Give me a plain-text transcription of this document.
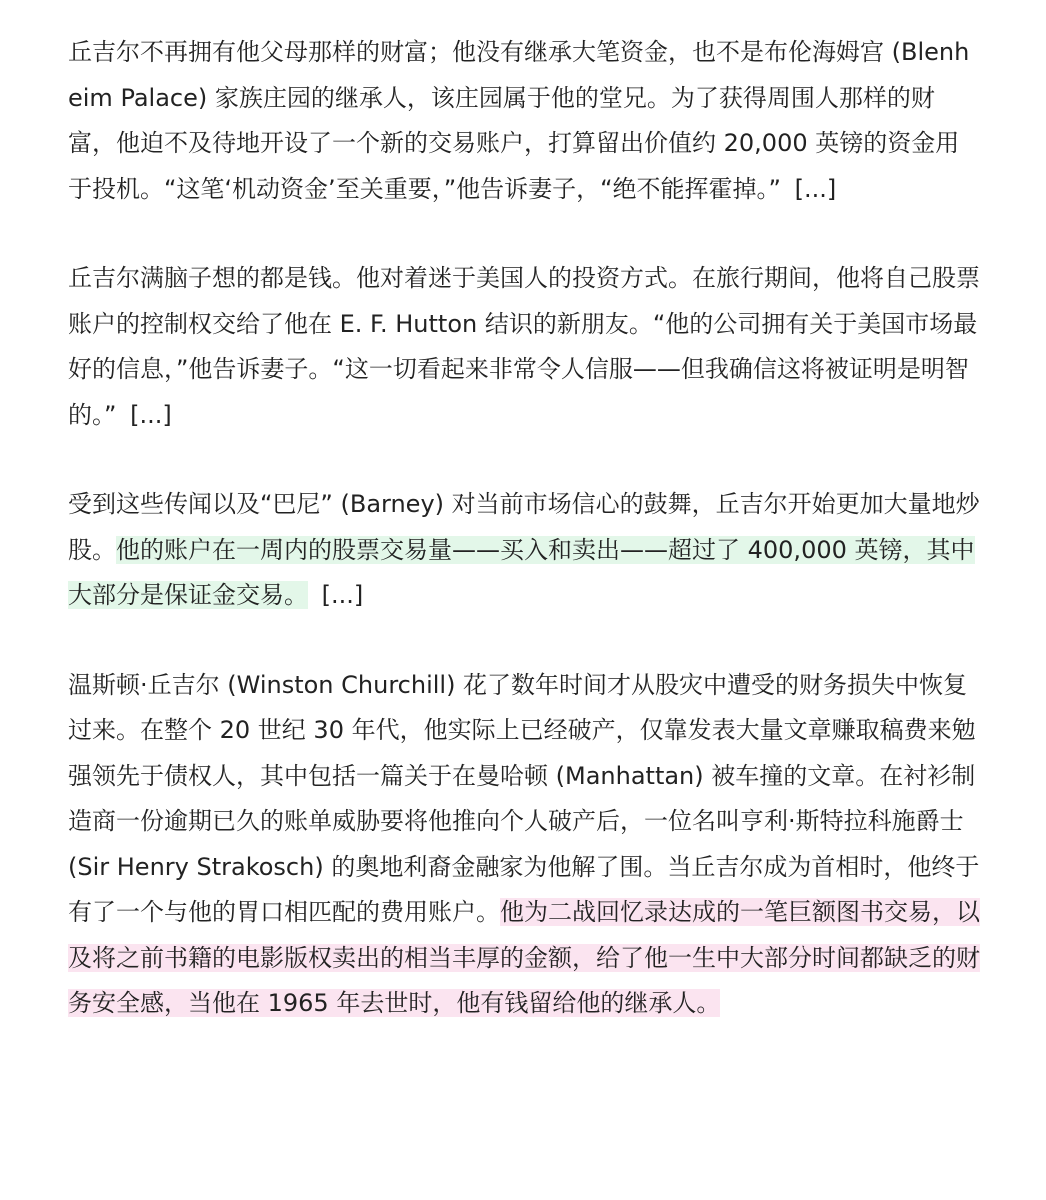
丘吉尔不再拥有他父母那样的财富；他没有继承大笔资金，也不是布伦海姆宫 (Blenheim Palace) 家族庄园的继承人，该庄园属于他的堂兄。为了获得周围人那样的财富，他迫不及待地开设了一个新的交易账户，打算留出价值约 20,000 英镑的资金用于投机。“这笔‘机动资金’至关重要，”他告诉妻子，“绝不能挥霍掉。” [...]

丘吉尔满脑子想的都是钱。他对着迷于美国人的投资方式。在旅行期间，他将自己股票账户的控制权交给了他在 E. F. Hutton 结识的新朋友。“他的公司拥有关于美国市场最好的信息，”他告诉妻子。“这一切看起来非常令人信服——但我确信这将被证明是明智的。” [...]

受到这些传闻以及“巴尼” (Barney) 对当前市场信心的鼓舞，丘吉尔开始更加大量地炒股。他的账户在一周内的股票交易量——买入和卖出——超过了 400,000 英镑，其中大部分是保证金交易。 [...]

温斯顿·丘吉尔 (Winston Churchill) 花了数年时间才从股灾中遭受的财务损失中恢复过来。在整个 20 世纪 30 年代，他实际上已经破产，仅靠发表大量文章赚取稿费来勉强领先于债权人，其中包括一篇关于在曼哈顿 (Manhattan) 被车撞的文章。在衬衫制造商一份逾期已久的账单威胁要将他推向个人破产后，一位名叫亨利·斯特拉科施爵士 (Sir Henry Strakosch) 的奥地利裔金融家为他解了围。当丘吉尔成为首相时，他终于有了一个与他的胃口相匹配的费用账户。他为二战回忆录达成的一笔巨额图书交易，以及将之前书籍的电影版权卖出的相当丰厚的金额，给了他一生中大部分时间都缺乏的财务安全感，当他在 1965 年去世时，他有钱留给他的继承人。
